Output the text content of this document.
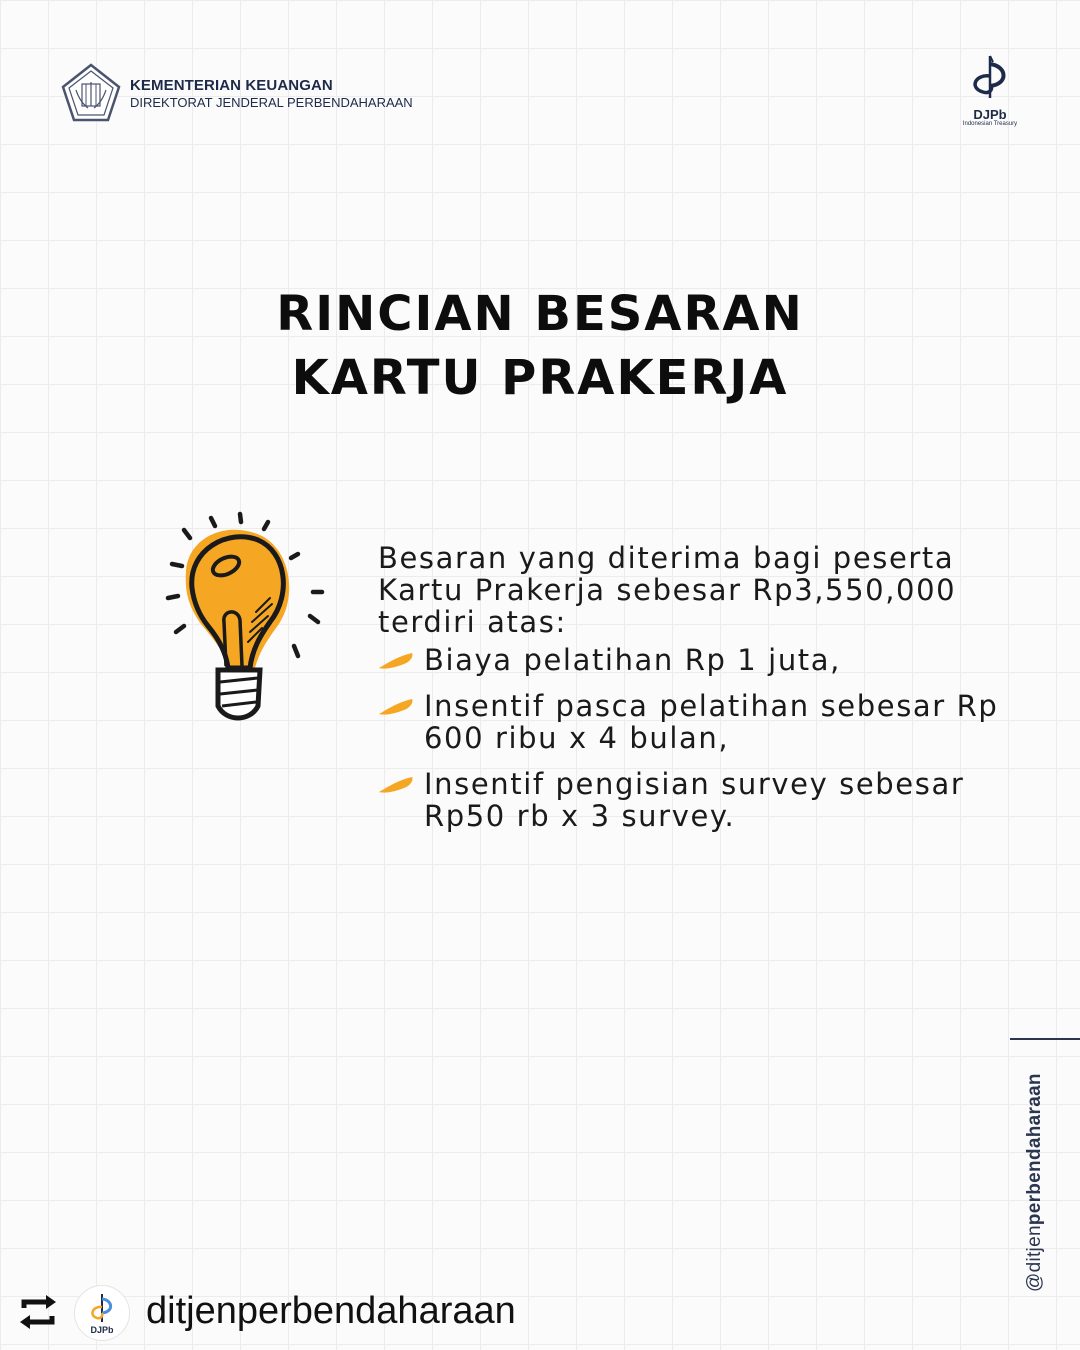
KEMENTERIAN KEUANGAN
DIREKTORAT JENDERAL PERBENDAHARAAN
DJPb
Indonesian Treasury
RINCIAN BESARAN
KARTU PRAKERJA
Besaran yang diterima bagi peserta Kartu Prakerja sebesar Rp3,550,000 terdiri atas:
Biaya pelatihan Rp 1 juta,
Insentif pasca pelatihan sebesar Rp 600 ribu x 4 bulan,
Insentif pengisian survey sebesar Rp50 rb x 3 survey.
@ditjenperbendaharaan
DJPb ditjenperbendaharaan
